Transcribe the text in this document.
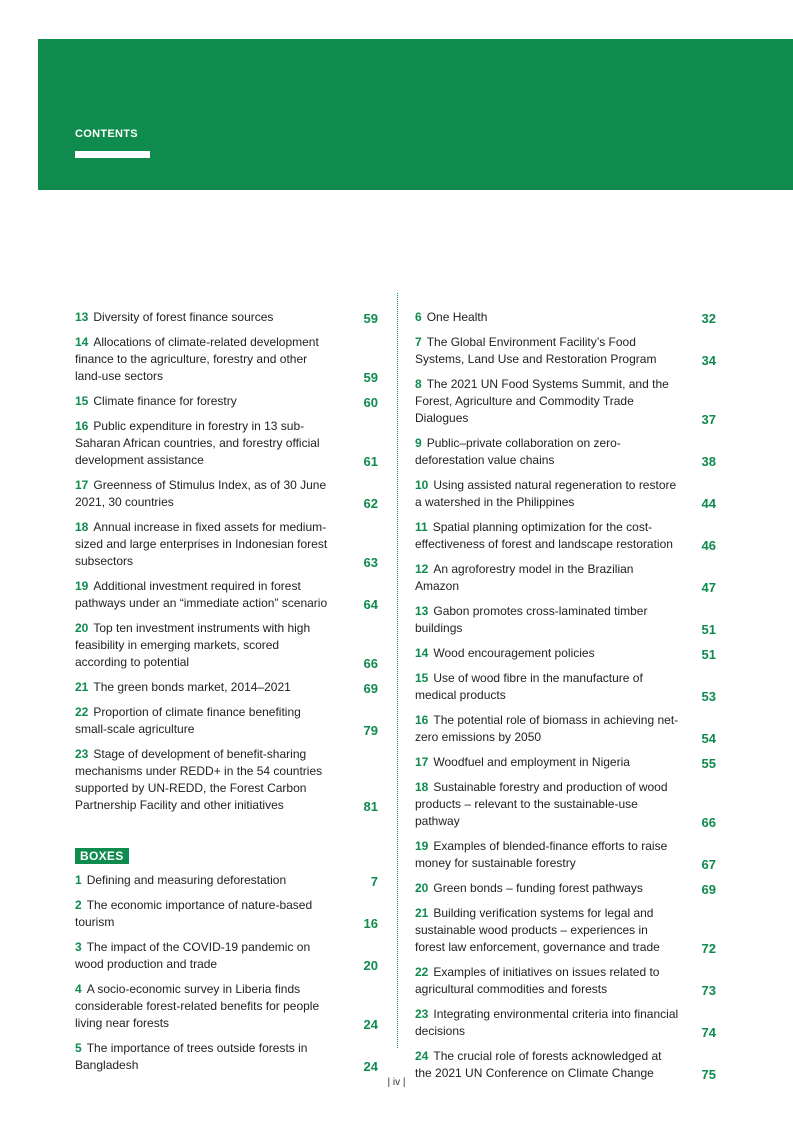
CONTENTS
13 Diversity of forest finance sources	59
14 Allocations of climate-related development finance to the agriculture, forestry and other land-use sectors	59
15 Climate finance for forestry	60
16 Public expenditure in forestry in 13 sub-Saharan African countries, and forestry official development assistance	61
17 Greenness of Stimulus Index, as of 30 June 2021, 30 countries	62
18 Annual increase in fixed assets for medium-sized and large enterprises in Indonesian forest subsectors	63
19 Additional investment required in forest pathways under an “immediate action” scenario	64
20 Top ten investment instruments with high feasibility in emerging markets, scored according to potential	66
21 The green bonds market, 2014–2021	69
22 Proportion of climate finance benefiting small-scale agriculture	79
23 Stage of development of benefit-sharing mechanisms under REDD+ in the 54 countries supported by UN-REDD, the Forest Carbon Partnership Facility and other initiatives	81
BOXES
1 Defining and measuring deforestation	7
2 The economic importance of nature-based tourism	16
3 The impact of the COVID-19 pandemic on wood production and trade	20
4 A socio-economic survey in Liberia finds considerable forest-related benefits for people living near forests	24
5 The importance of trees outside forests in Bangladesh	24
6 One Health	32
7 The Global Environment Facility’s Food Systems, Land Use and Restoration Program	34
8 The 2021 UN Food Systems Summit, and the Forest, Agriculture and Commodity Trade Dialogues	37
9 Public–private collaboration on zero-deforestation value chains	38
10 Using assisted natural regeneration to restore a watershed in the Philippines	44
11 Spatial planning optimization for the cost-effectiveness of forest and landscape restoration 46
12 An agroforestry model in the Brazilian Amazon	47
13 Gabon promotes cross-laminated timber buildings	51
14 Wood encouragement policies	51
15 Use of wood fibre in the manufacture of medical products	53
16 The potential role of biomass in achieving net-zero emissions by 2050	54
17 Woodfuel and employment in Nigeria	55
18 Sustainable forestry and production of wood products – relevant to the sustainable-use pathway	66
19 Examples of blended-finance efforts to raise money for sustainable forestry	67
20 Green bonds – funding forest pathways	69
21 Building verification systems for legal and sustainable wood products – experiences in forest law enforcement, governance and trade	72
22 Examples of initiatives on issues related to agricultural commodities and forests	73
23 Integrating environmental criteria into financial decisions	74
24 The crucial role of forests acknowledged at the 2021 UN Conference on Climate Change	75
| iv |
